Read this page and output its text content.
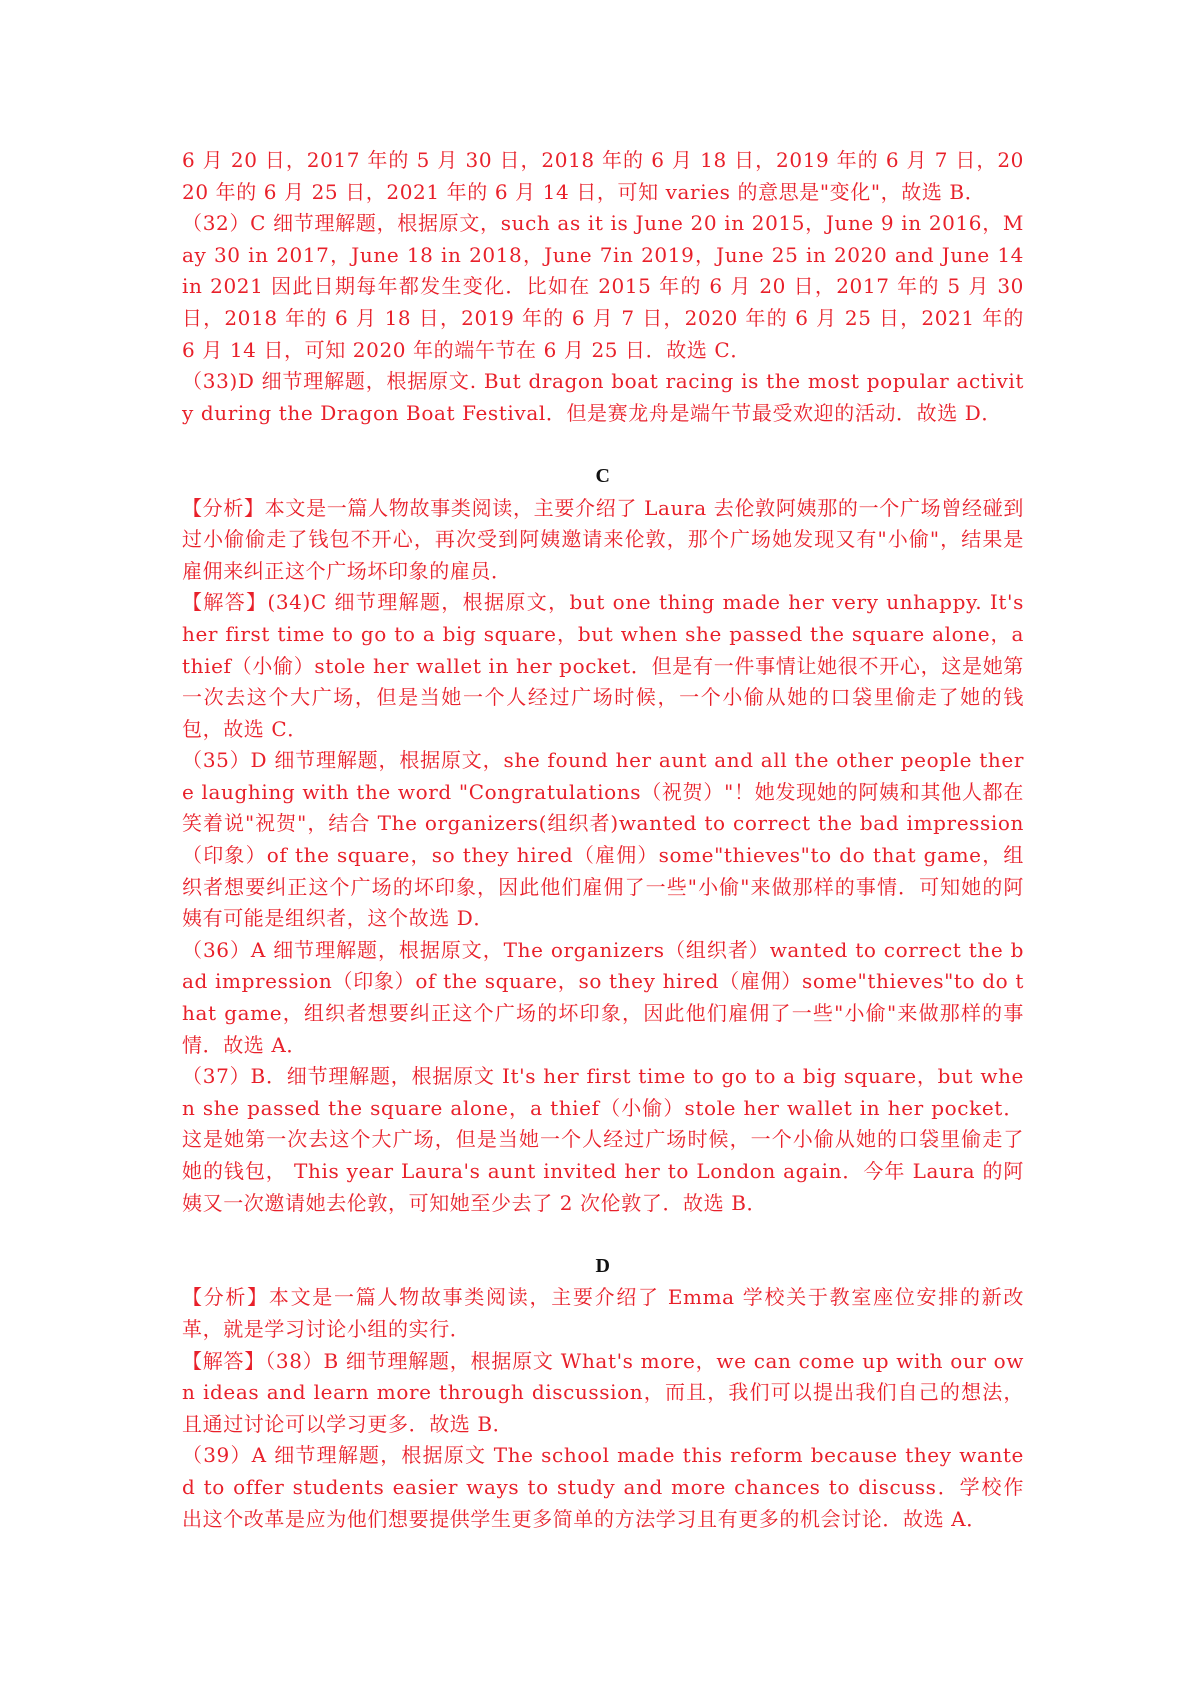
6 月 20 日，2017 年的 5 月 30 日，2018 年的 6 月 18 日，2019 年的 6 月 7 日，2020 年的 6 月 25 日，2021 年的 6 月 14 日，可知 varies 的意思是"变化"，故选 B．

（32）C 细节理解题，根据原文，such as it is June 20 in 2015，June 9 in 2016，May 30 in 2017，June 18 in 2018，June 7in 2019，June 25 in 2020 and June 14 in 2021 因此日期每年都发生变化．比如在 2015 年的 6 月 20 日，2017 年的 5 月 30 日，2018 年的 6 月 18 日，2019 年的 6 月 7 日，2020 年的 6 月 25 日，2021 年的 6 月 14 日，可知 2020 年的端午节在 6 月 25 日．故选 C．

（33)D 细节理解题，根据原文. But dragon boat racing is the most popular activity during the Dragon Boat Festival．但是赛龙舟是端午节最受欢迎的活动．故选 D．

C

【分析】本文是一篇人物故事类阅读，主要介绍了 Laura 去伦敦阿姨那的一个广场曾经碰到过小偷偷走了钱包不开心，再次受到阿姨邀请来伦敦，那个广场她发现又有"小偷"，结果是雇佣来纠正这个广场坏印象的雇员．

【解答】(34)C 细节理解题，根据原文，but one thing made her very unhappy. It's her first time to go to a big square，but when she passed the square alone，a thief（小偷）stole her wallet in her pocket．但是有一件事情让她很不开心，这是她第一次去这个大广场，但是当她一个人经过广场时候，一个小偷从她的口袋里偷走了她的钱包，故选 C．

（35）D 细节理解题，根据原文，she found her aunt and all the other people there laughing with the word "Congratulations（祝贺）"！她发现她的阿姨和其他人都在笑着说"祝贺"，结合 The organizers(组织者)wanted to correct the bad impression（印象）of the square，so they hired（雇佣）some"thieves"to do that game，组织者想要纠正这个广场的坏印象，因此他们雇佣了一些"小偷"来做那样的事情．可知她的阿姨有可能是组织者，这个故选 D．

（36）A 细节理解题，根据原文，The organizers（组织者）wanted to correct the bad impression（印象）of the square，so they hired（雇佣）some"thieves"to do that game，组织者想要纠正这个广场的坏印象，因此他们雇佣了一些"小偷"来做那样的事情．故选 A．

（37）B．细节理解题，根据原文 It's her first time to go to a big square，but when she passed the square alone，a thief（小偷）stole her wallet in her pocket．这是她第一次去这个大广场，但是当她一个人经过广场时候，一个小偷从她的口袋里偷走了她的钱包， This year Laura's aunt invited her to London again．今年 Laura 的阿姨又一次邀请她去伦敦，可知她至少去了 2 次伦敦了．故选 B．

D

【分析】本文是一篇人物故事类阅读，主要介绍了 Emma 学校关于教室座位安排的新改革，就是学习讨论小组的实行．

【解答】（38）B 细节理解题，根据原文 What's more，we can come up with our own ideas and learn more through discussion，而且，我们可以提出我们自己的想法，且通过讨论可以学习更多．故选 B．

（39）A 细节理解题，根据原文 The school made this reform because they wanted to offer students easier ways to study and more chances to discuss．学校作出这个改革是应为他们想要提供学生更多简单的方法学习且有更多的机会讨论．故选 A．
